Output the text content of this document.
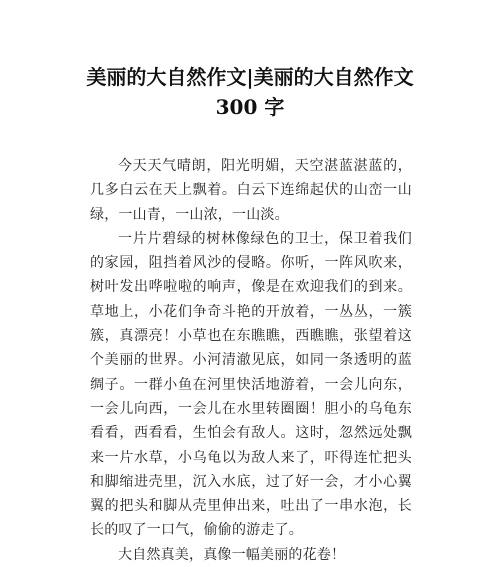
美丽的大自然作文|美丽的大自然作文
300 字

今天天气晴朗，阳光明媚，天空湛蓝湛蓝的，几多白云在天上飘着。白云下连绵起伏的山峦一山绿，一山青，一山浓，一山淡。

一片片碧绿的树林像绿色的卫士，保卫着我们的家园，阻挡着风沙的侵略。你听，一阵风吹来，树叶发出哗啦啦的响声，像是在欢迎我们的到来。草地上，小花们争奇斗艳的开放着，一丛丛，一簇簇，真漂亮！小草也在东瞧瞧，西瞧瞧，张望着这个美丽的世界。小河清澈见底，如同一条透明的蓝绸子。一群小鱼在河里快活地游着，一会儿向东，一会儿向西，一会儿在水里转圈圈！胆小的乌龟东看看，西看看，生怕会有敌人。这时，忽然远处飘来一片水草，小乌龟以为敌人来了，吓得连忙把头和脚缩进壳里，沉入水底，过了好一会，才小心翼翼的把头和脚从壳里伸出来，吐出了一串水泡，长长的叹了一口气，偷偷的游走了。

大自然真美，真像一幅美丽的花卷！
